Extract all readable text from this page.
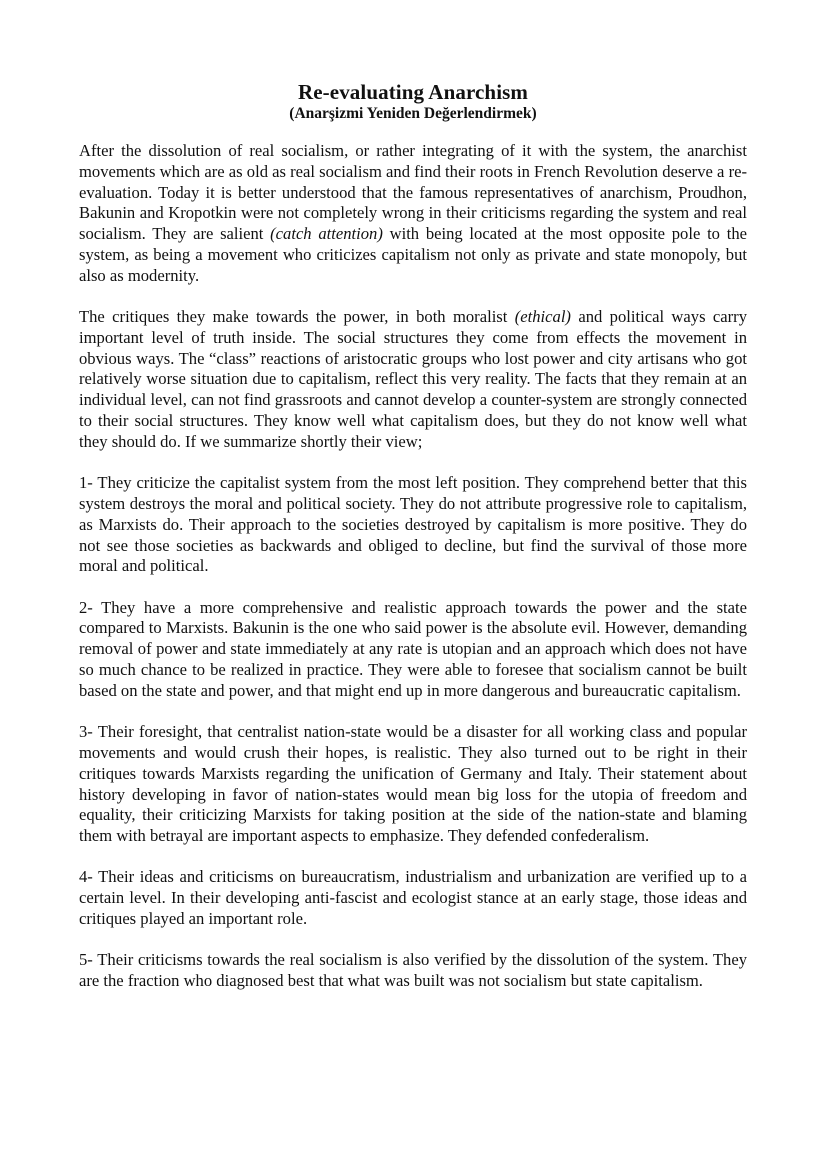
Re-evaluating Anarchism
(Anarşizmi Yeniden Değerlendirmek)

After the dissolution of real socialism, or rather integrating of it with the system, the anarchist movements which are as old as real socialism and find their roots in French Revolution deserve a re-evaluation. Today it is better understood that the famous representatives of anarchism, Proudhon, Bakunin and Kropotkin were not completely wrong in their criticisms regarding the system and real socialism. They are salient (catch attention) with being located at the most opposite pole to the system, as being a movement who criticizes capitalism not only as private and state monopoly, but also as modernity.

The critiques they make towards the power, in both moralist (ethical) and political ways carry important level of truth inside. The social structures they come from effects the movement in obvious ways. The “class” reactions of aristocratic groups who lost power and city artisans who got relatively worse situation due to capitalism, reflect this very reality. The facts that they remain at an individual level, can not find grassroots and cannot develop a counter-system are strongly connected to their social structures. They know well what capitalism does, but they do not know well what they should do. If we summarize shortly their view;

1- They criticize the capitalist system from the most left position. They comprehend better that this system destroys the moral and political society. They do not attribute progressive role to capitalism, as Marxists do. Their approach to the societies destroyed by capitalism is more positive. They do not see those societies as backwards and obliged to decline, but find the survival of those more moral and political.

2- They have a more comprehensive and realistic approach towards the power and the state compared to Marxists. Bakunin is the one who said power is the absolute evil. However, demanding removal of power and state immediately at any rate is utopian and an approach which does not have so much chance to be realized in practice. They were able to foresee that socialism cannot be built based on the state and power, and that might end up in more dangerous and bureaucratic capitalism.

3- Their foresight, that centralist nation-state would be a disaster for all working class and popular movements and would crush their hopes, is realistic. They also turned out to be right in their critiques towards Marxists regarding the unification of Germany and Italy. Their statement about history developing in favor of nation-states would mean big loss for the utopia of freedom and equality, their criticizing Marxists for taking position at the side of the nation-state and blaming them with betrayal are important aspects to emphasize. They defended confederalism.

4- Their ideas and criticisms on bureaucratism, industrialism and urbanization are verified up to a certain level. In their developing anti-fascist and ecologist stance at an early stage, those ideas and critiques played an important role.

5- Their criticisms towards the real socialism is also verified by the dissolution of the system. They are the fraction who diagnosed best that what was built was not socialism but state capitalism.
